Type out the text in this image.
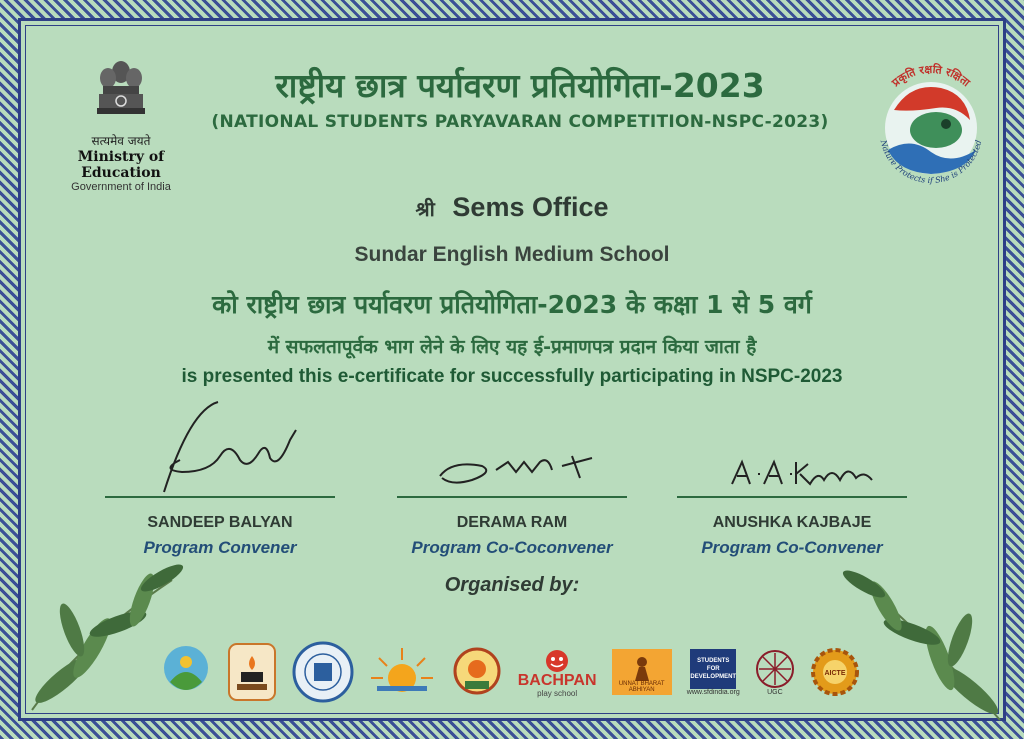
सत्यमेव जयते
Ministry of Education
Government of India
राष्ट्रीय छात्र पर्यावरण प्रतियोगिता-2023
(NATIONAL STUDENTS PARYAVARAN COMPETITION-NSPC-2023)
प्रकृति रक्षति रक्षिता
Nature Protects if She is Protected
श्री Sems Office
Sundar English Medium School
को राष्ट्रीय छात्र पर्यावरण प्रतियोगिता-2023 के कक्षा 1 से 5 वर्ग
में सफलतापूर्वक भाग लेने के लिए यह ई-प्रमाणपत्र प्रदान किया जाता है
is presented this e-certificate for successfully participating in NSPC-2023
SANDEEP BALYAN
Program Convener
DERAMA RAM
Program Co-Coconvener
ANUSHKA KAJBAJE
Program Co-Convener
Organised by:
BACHPAN
play school
UNNAT BHARAT ABHIYAN
STUDENTS FOR DEVELOPMENT
www.sfdindia.org	UGC
AICTE
